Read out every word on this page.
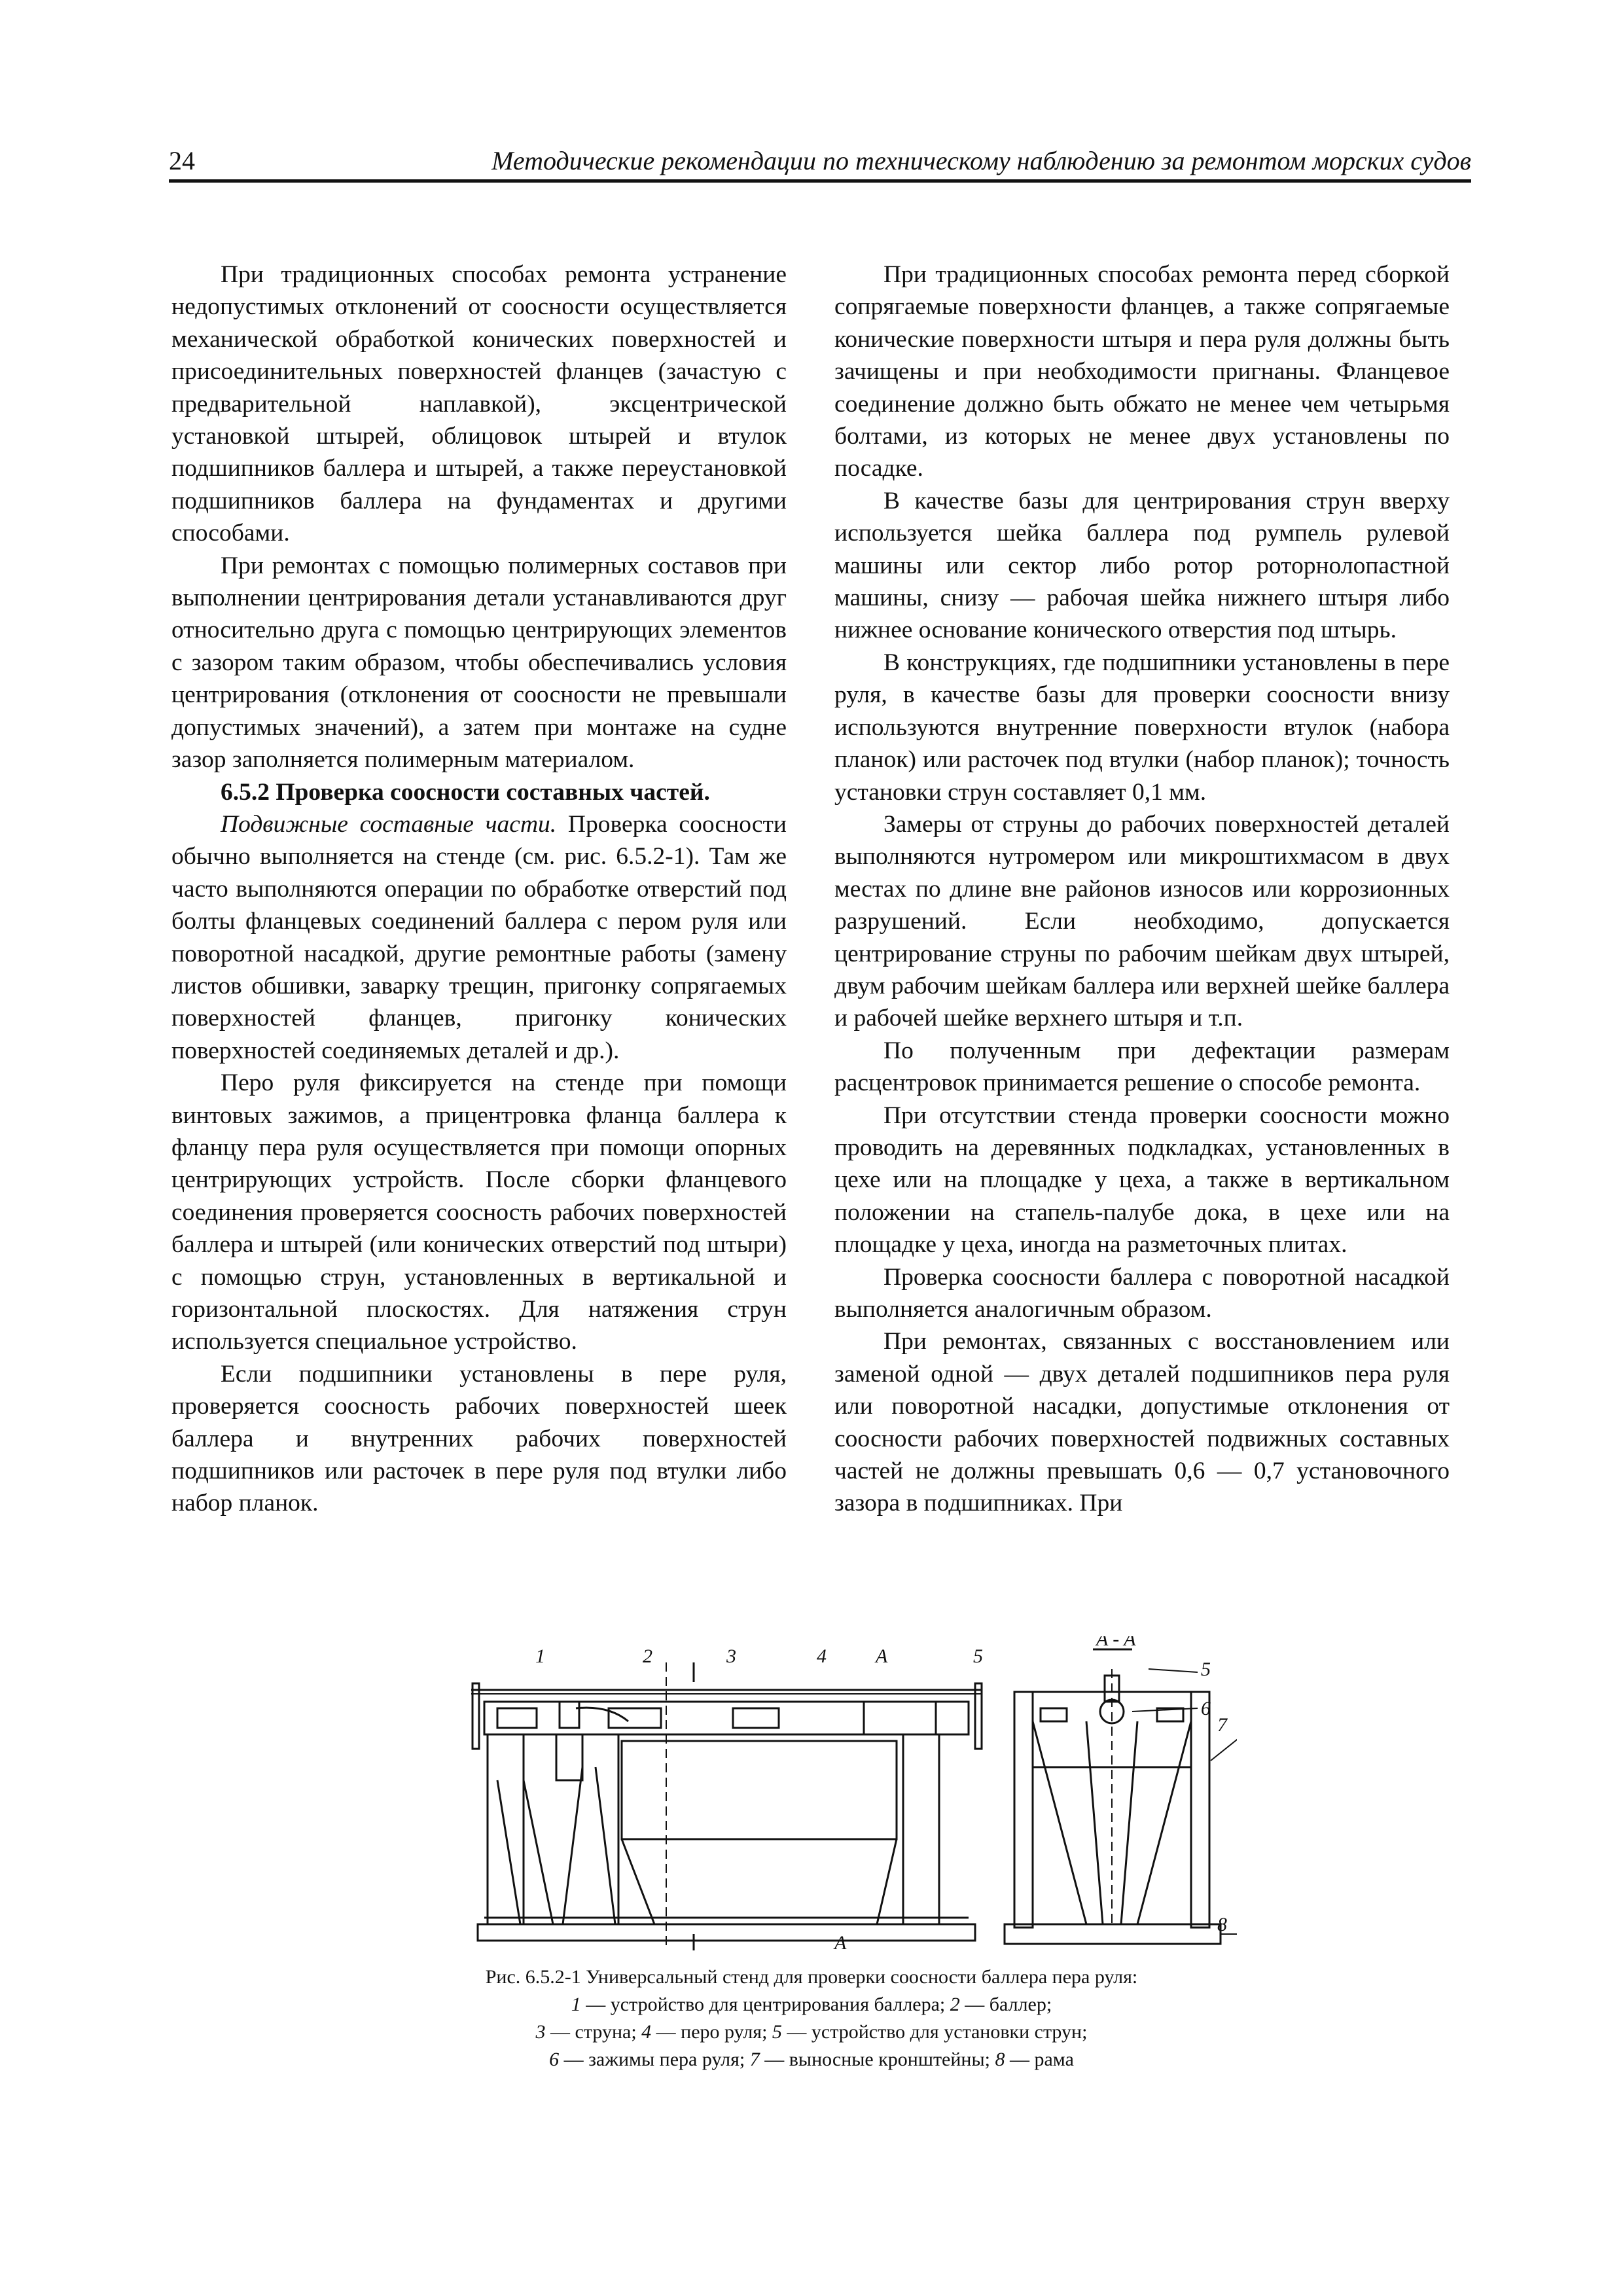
24	Методические рекомендации по техническому наблюдению за ремонтом морских судов

При традиционных способах ремонта устранение недопустимых отклонений от соосности осуществляется механической обработкой конических поверхностей и присоединительных поверхностей фланцев (зачастую с предварительной наплавкой), эксцентрической установкой штырей, облицовок штырей и втулок подшипников баллера и штырей, а также переустановкой подшипников баллера на фундаментах и другими способами.

При ремонтах с помощью полимерных составов при выполнении центрирования детали устанавливаются друг относительно друга с помощью центрирующих элементов с зазором таким образом, чтобы обеспечивались условия центрирования (отклонения от соосности не превышали допустимых значений), а затем при монтаже на судне зазор заполняется полимерным материалом.

6.5.2 Проверка соосности составных частей.

Подвижные составные части. Проверка соосности обычно выполняется на стенде (см. рис. 6.5.2-1). Там же часто выполняются операции по обработке отверстий под болты фланцевых соединений баллера с пером руля или поворотной насадкой, другие ремонтные работы (замену листов обшивки, заварку трещин, пригонку сопрягаемых поверхностей фланцев, пригонку конических поверхностей соединяемых деталей и др.).

Перо руля фиксируется на стенде при помощи винтовых зажимов, а прицентровка фланца баллера к фланцу пера руля осуществляется при помощи опорных центрирующих устройств. После сборки фланцевого соединения проверяется соосность рабочих поверхностей баллера и штырей (или конических отверстий под штыри) с помощью струн, установленных в вертикальной и горизонтальной плоскостях. Для натяжения струн используется специальное устройство.

Если подшипники установлены в пере руля, проверяется соосность рабочих поверхностей шеек баллера и внутренних рабочих поверхностей подшипников или расточек в пере руля под втулки либо набор планок.

При традиционных способах ремонта перед сборкой сопрягаемые поверхности фланцев, а также сопрягаемые конические поверхности штыря и пера руля должны быть зачищены и при необходимости пригнаны. Фланцевое соединение должно быть обжато не менее чем четырьмя болтами, из которых не менее двух установлены по посадке.

В качестве базы для центрирования струн вверху используется шейка баллера под румпель рулевой машины или сектор либо ротор роторнолопастной машины, снизу — рабочая шейка нижнего штыря либо нижнее основание конического отверстия под штырь.

В конструкциях, где подшипники установлены в пере руля, в качестве базы для проверки соосности внизу используются внутренние поверхности втулок (набора планок) или расточек под втулки (набор планок); точность установки струн составляет 0,1 мм.

Замеры от струны до рабочих поверхностей деталей выполняются нутромером или микроштихмасом в двух местах по длине вне районов износов или коррозионных разрушений. Если необходимо, допускается центрирование струны по рабочим шейкам двух штырей, двум рабочим шейкам баллера или верхней шейке баллера и рабочей шейке верхнего штыря и т.п.

По полученным при дефектации размерам расцентровок принимается решение о способе ремонта.

При отсутствии стенда проверки соосности можно проводить на деревянных подкладках, установленных в цехе или на площадке у цеха, а также в вертикальном положении на стапель-палубе дока, в цехе или на площадке у цеха, иногда на разметочных плитах.

Проверка соосности баллера с поворотной насадкой выполняется аналогичным образом.

При ремонтах, связанных с восстановлением или заменой одной — двух деталей подшипников пера руля или поворотной насадки, допустимые отклонения от соосности рабочих поверхностей подвижных составных частей не должны превышать 0,6 — 0,7 установочного зазора в подшипниках. При

1	2	3	4	5
A
A - A
5
6
7
8
A
Рис. 6.5.2-1 Универсальный стенд для проверки соосности баллера пера руля:
1 — устройство для центрирования баллера; 2 — баллер;
3 — струна; 4 — перо руля; 5 — устройство для установки струн;
6 — зажимы пера руля; 7 — выносные кронштейны; 8 — рама
